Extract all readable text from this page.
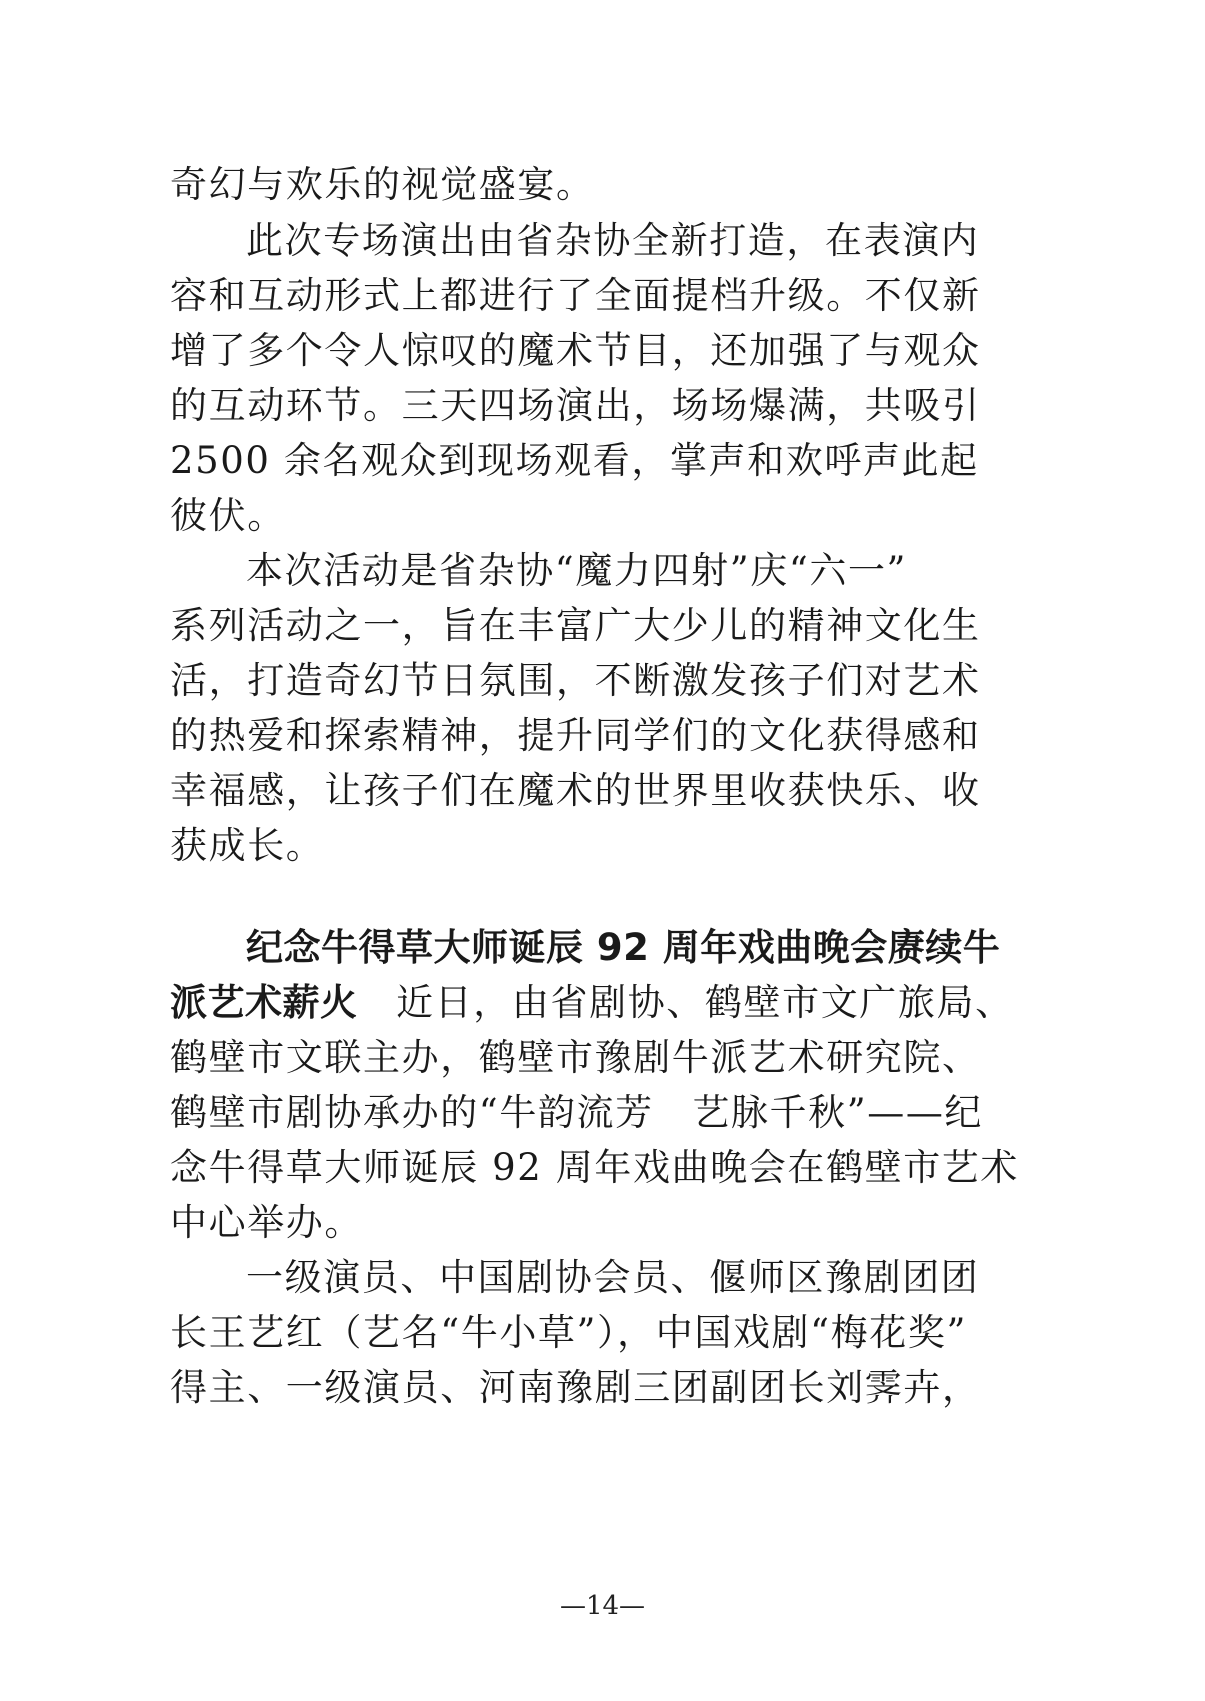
奇幻与欢乐的视觉盛宴。
此次专场演出由省杂协全新打造，在表演内
容和互动形式上都进行了全面提档升级。不仅新
增了多个令人惊叹的魔术节目，还加强了与观众
的互动环节。三天四场演出，场场爆满，共吸引
2500 余名观众到现场观看，掌声和欢呼声此起
彼伏。
本次活动是省杂协“魔力四射”庆“六一”
系列活动之一，旨在丰富广大少儿的精神文化生
活，打造奇幻节日氛围，不断激发孩子们对艺术
的热爱和探索精神，提升同学们的文化获得感和
幸福感，让孩子们在魔术的世界里收获快乐、收
获成长。
纪念牛得草大师诞辰 92 周年戏曲晚会赓续牛
派艺术薪火　近日，由省剧协、鹤壁市文广旅局、
鹤壁市文联主办，鹤壁市豫剧牛派艺术研究院、
鹤壁市剧协承办的“牛韵流芳　艺脉千秋”——纪
念牛得草大师诞辰 92 周年戏曲晚会在鹤壁市艺术
中心举办。
一级演员、中国剧协会员、偃师区豫剧团团
长王艺红（艺名“牛小草”），中国戏剧“梅花奖”
得主、一级演员、河南豫剧三团副团长刘霁卉，
—14—
